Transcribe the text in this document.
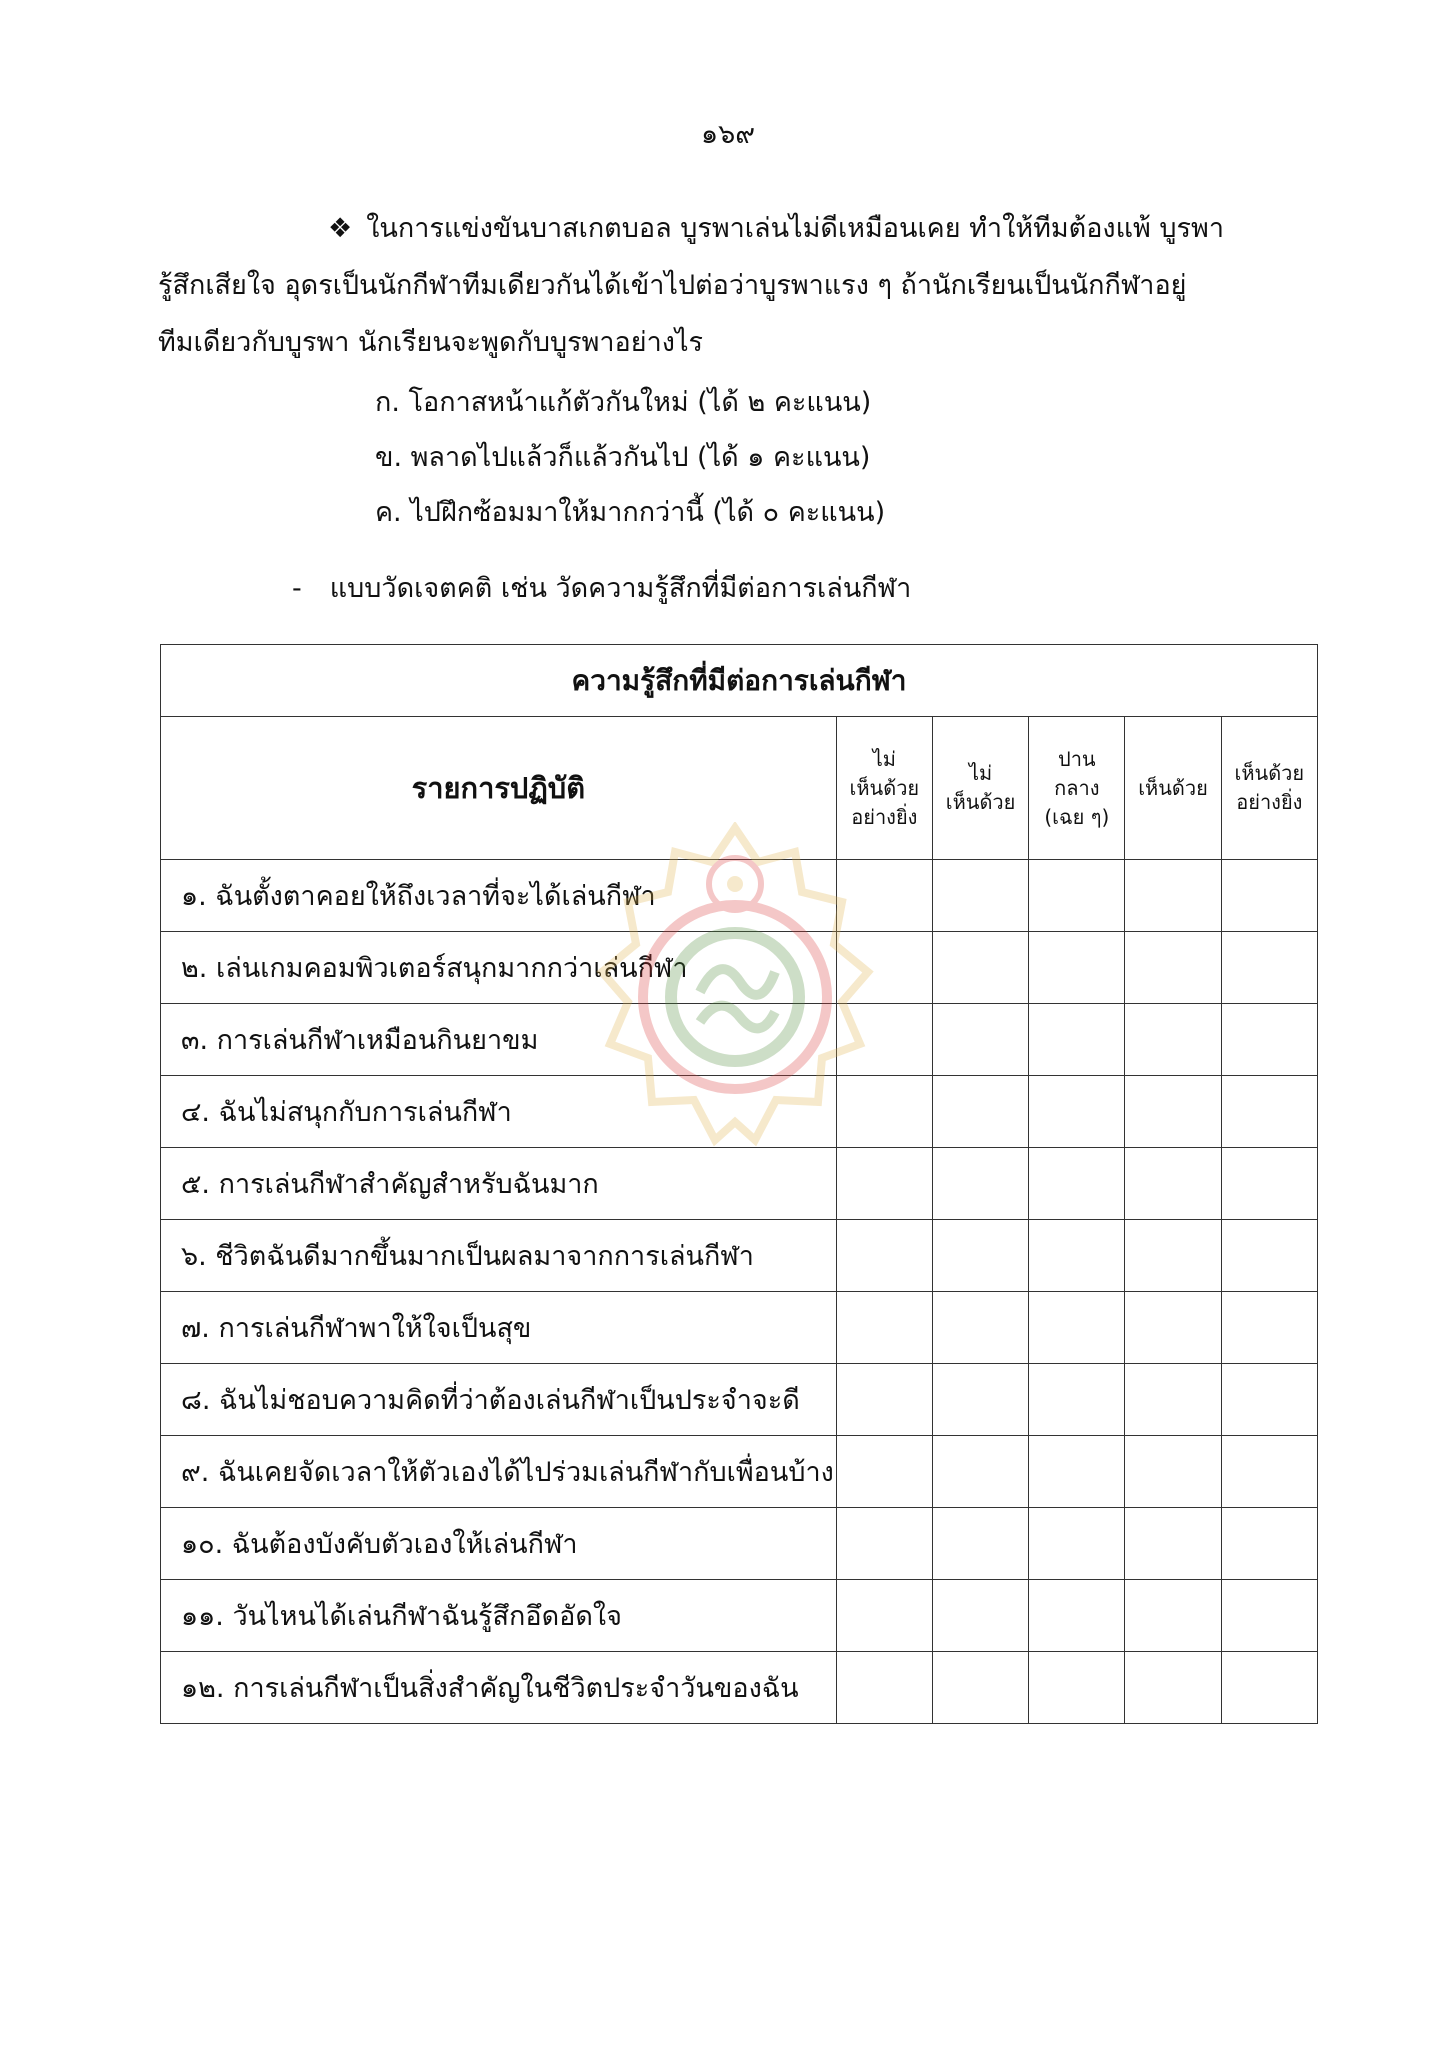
๑๖๙
❖ ในการแข่งขันบาสเกตบอล บูรพาเล่นไม่ดีเหมือนเคย ทำให้ทีมต้องแพ้ บูรพา
รู้สึกเสียใจ อุดรเป็นนักกีฬาทีมเดียวกันได้เข้าไปต่อว่าบูรพาแรง ๆ ถ้านักเรียนเป็นนักกีฬาอยู่
ทีมเดียวกับบูรพา นักเรียนจะพูดกับบูรพาอย่างไร
ก. โอกาสหน้าแก้ตัวกันใหม่ (ได้ ๒ คะแนน)
ข. พลาดไปแล้วก็แล้วกันไป (ได้ ๑ คะแนน)
ค. ไปฝึกซ้อมมาให้มากกว่านี้ (ได้ ๐ คะแนน)
- แบบวัดเจตคติ เช่น วัดความรู้สึกที่มีต่อการเล่นกีฬา
ความรู้สึกที่มีต่อการเล่นกีฬา					
รายการปฏิบัติ	ไม่
เห็นด้วย
อย่างยิ่ง	ไม่
เห็นด้วย	ปาน
กลาง
(เฉย ๆ)	เห็นด้วย	เห็นด้วย
อย่างยิ่ง

๑. ฉันตั้งตาคอยให้ถึงเวลาที่จะได้เล่นกีฬา					
๒. เล่นเกมคอมพิวเตอร์สนุกมากกว่าเล่นกีฬา					
๓. การเล่นกีฬาเหมือนกินยาขม					
๔. ฉันไม่สนุกกับการเล่นกีฬา					
๕. การเล่นกีฬาสำคัญสำหรับฉันมาก					
๖. ชีวิตฉันดีมากขึ้นมากเป็นผลมาจากการเล่นกีฬา					
๗. การเล่นกีฬาพาให้ใจเป็นสุข					
๘. ฉันไม่ชอบความคิดที่ว่าต้องเล่นกีฬาเป็นประจำจะดี					
๙. ฉันเคยจัดเวลาให้ตัวเองได้ไปร่วมเล่นกีฬากับเพื่อนบ้าง					
๑๐. ฉันต้องบังคับตัวเองให้เล่นกีฬา					
๑๑. วันไหนได้เล่นกีฬาฉันรู้สึกอึดอัดใจ					
๑๒. การเล่นกีฬาเป็นสิ่งสำคัญในชีวิตประจำวันของฉัน					
